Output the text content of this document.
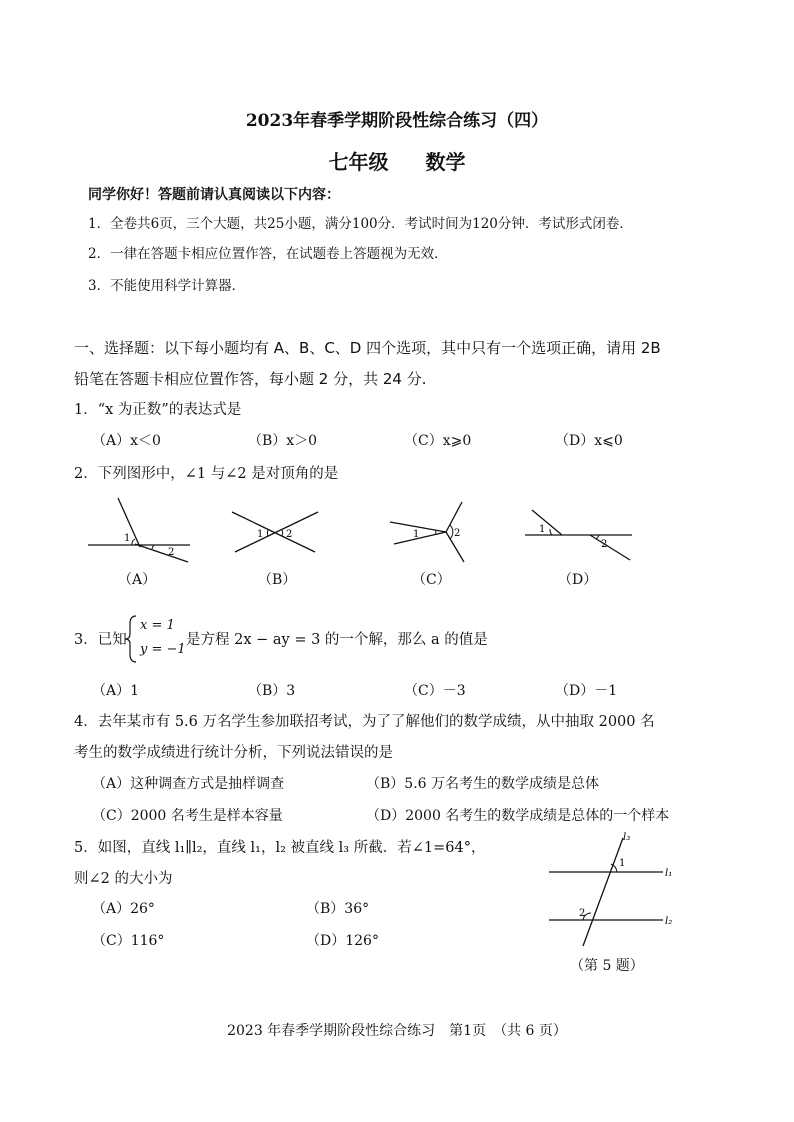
2023年春季学期阶段性综合练习（四）
七年级 数学
同学你好！答题前请认真阅读以下内容：
1．全卷共6页，三个大题，共25小题，满分100分．考试时间为120分钟．考试形式闭卷．
2．一律在答题卡相应位置作答，在试题卷上答题视为无效．
3．不能使用科学计算器．
一、选择题：以下每小题均有 A、B、C、D 四个选项，其中只有一个选项正确，请用 2B
铅笔在答题卡相应位置作答，每小题 2 分，共 24 分.
1．“x 为正数”的表达式是
（A）x＜0	（B）x＞0	（C）x⩾0	（D）x⩽0
2．下列图形中，∠1 与∠2 是对顶角的是
1
2
1 2	1	2	1
2
（A）	（B）	（C）	（D）
3．已知
x = 1
y = −1
是方程 2x − ay = 3 的一个解，那么 a 的值是
（A）1	（B）3	（C）－3	（D）－1
4．去年某市有 5.6 万名学生参加联招考试，为了了解他们的数学成绩，从中抽取 2000 名
考生的数学成绩进行统计分析，下列说法错误的是
（A）这种调查方式是抽样调查	（B）5.6 万名考生的数学成绩是总体
（C）2000 名考生是样本容量	（D）2000 名考生的数学成绩是总体的一个样本
5．如图，直线 l₁∥l₂，直线 l₁，l₂ 被直线 l₃ 所截．若∠1=64°，
则∠2 的大小为
（A）26°	（B）36°
（C）116°	（D）126°
l₃
l₁
l₂
1
2
（第 5 题）
2023 年春季学期阶段性综合练习　第1页　（共 6 页）
